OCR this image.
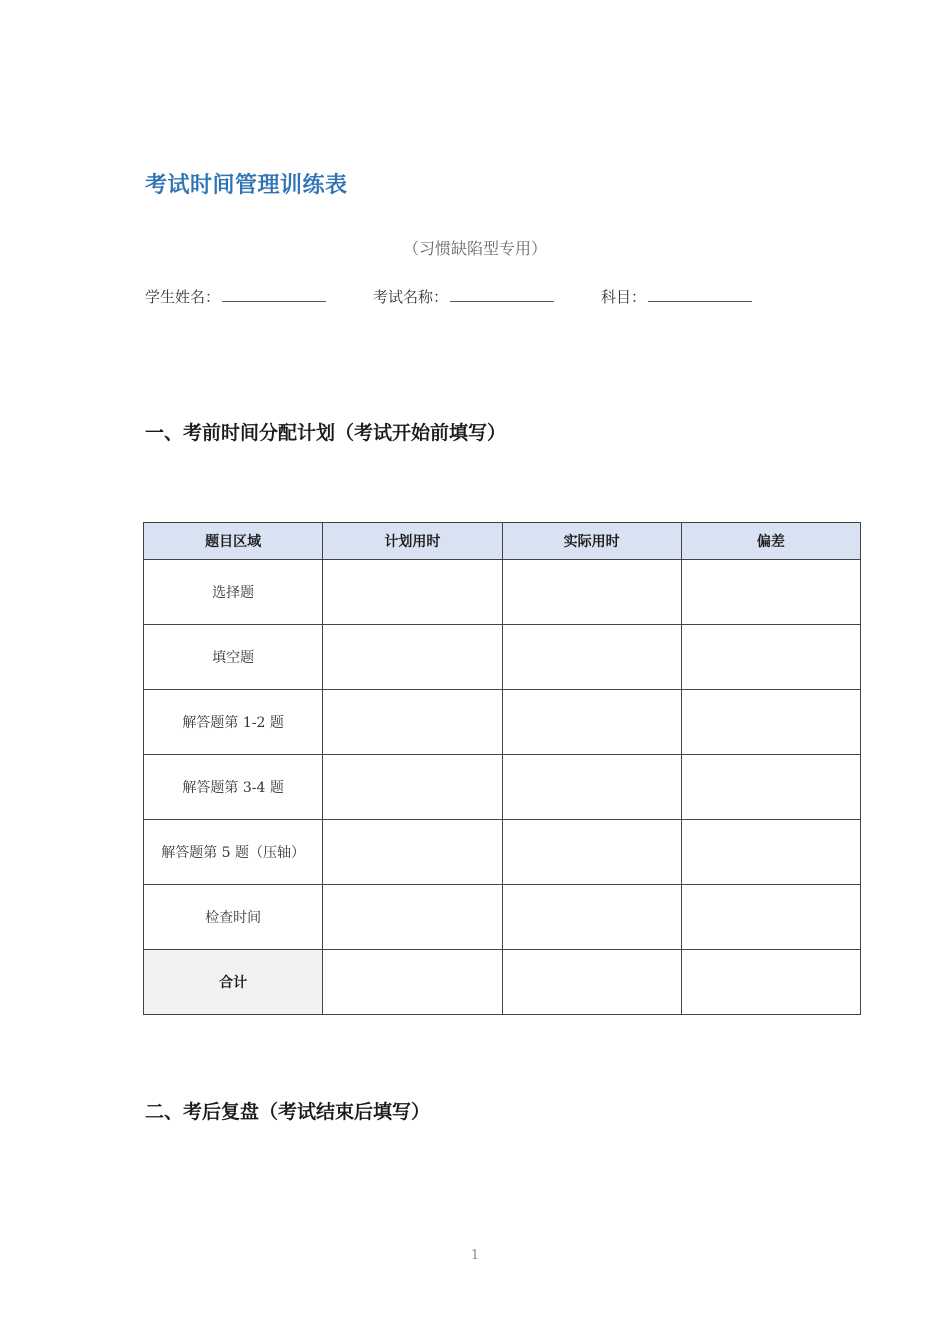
考试时间管理训练表
（习惯缺陷型专用）
学生姓名：	考试名称：	科目：
一、考前时间分配计划（考试开始前填写）
题目区域	计划用时	实际用时	偏差
选择题			
填空题			
解答题第 1-2 题			
解答题第 3-4 题			
解答题第 5 题（压轴）			
检查时间			
合计			
二、考后复盘（考试结束后填写）
1
